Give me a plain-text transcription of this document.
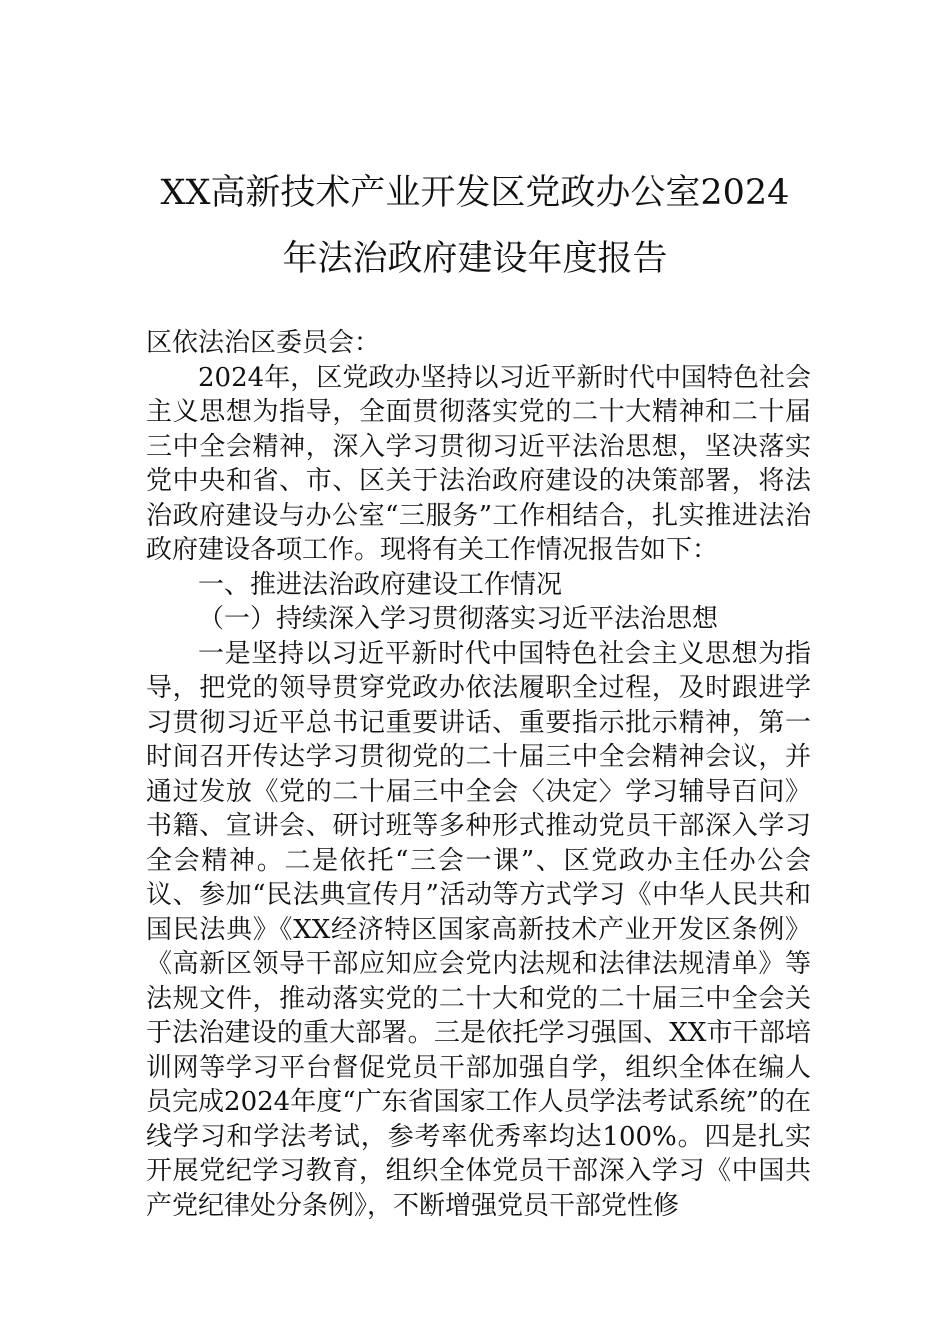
XX高新技术产业开发区党政办公室2024
年法治政府建设年度报告

区依法治区委员会：

2024年，区党政办坚持以习近平新时代中国特色社会主义思想为指导，全面贯彻落实党的二十大精神和二十届三中全会精神，深入学习贯彻习近平法治思想，坚决落实党中央和省、市、区关于法治政府建设的决策部署，将法治政府建设与办公室“三服务”工作相结合，扎实推进法治政府建设各项工作。现将有关工作情况报告如下：

一、推进法治政府建设工作情况

（一）持续深入学习贯彻落实习近平法治思想

一是坚持以习近平新时代中国特色社会主义思想为指导，把党的领导贯穿党政办依法履职全过程，及时跟进学习贯彻习近平总书记重要讲话、重要指示批示精神，第一时间召开传达学习贯彻党的二十届三中全会精神会议，并通过发放《党的二十届三中全会〈决定〉学习辅导百问》书籍、宣讲会、研讨班等多种形式推动党员干部深入学习全会精神。二是依托“三会一课”、区党政办主任办公会议、参加“民法典宣传月”活动等方式学习《中华人民共和国民法典》《XX经济特区国家高新技术产业开发区条例》《高新区领导干部应知应会党内法规和法律法规清单》等法规文件，推动落实党的二十大和党的二十届三中全会关于法治建设的重大部署。三是依托学习强国、XX市干部培训网等学习平台督促党员干部加强自学，组织全体在编人员完成2024年度“广东省国家工作人员学法考试系统”的在线学习和学法考试，参考率优秀率均达100%。四是扎实开展党纪学习教育，组织全体党员干部深入学习《中国共产党纪律处分条例》，不断增强党员干部党性修
